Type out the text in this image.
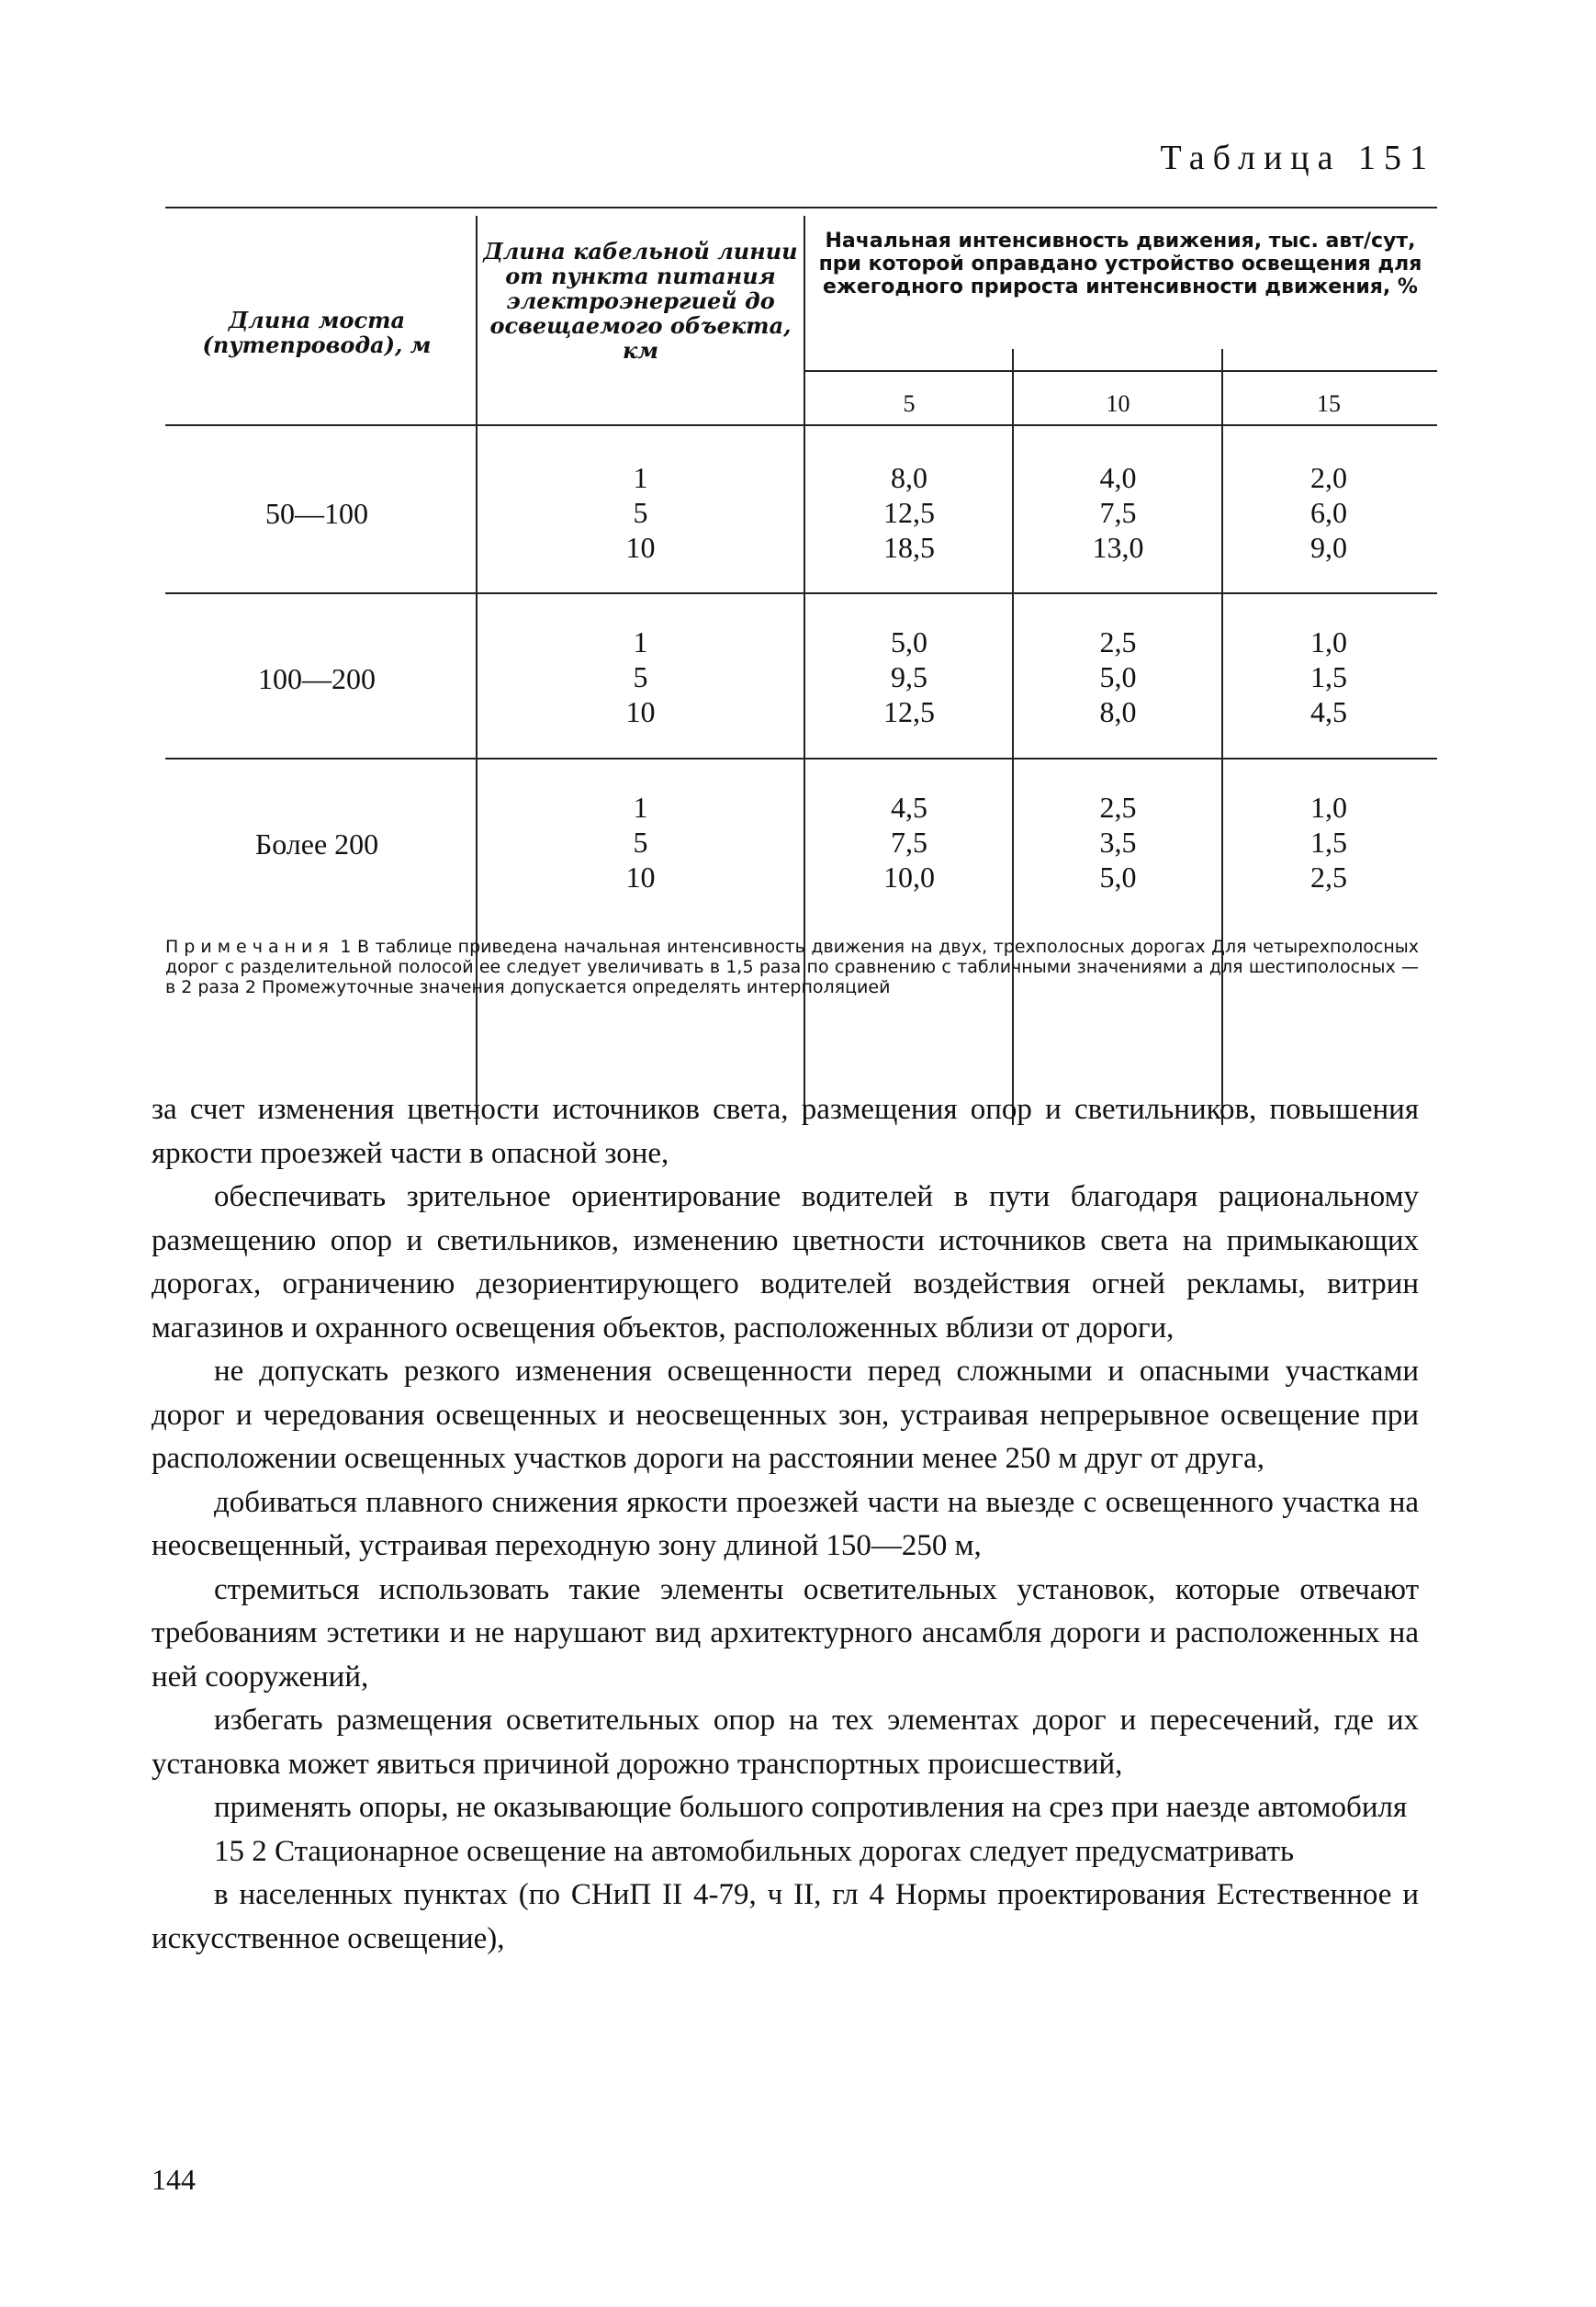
Таблица 151
Длина моста (путепровода), м
Длина кабельной линии от пункта питания электроэнергией до освещаемого объекта, км
Начальная интенсивность движения, тыс. авт/сут, при которой оправдано устройство освещения для ежегодного прироста интенсивности движения, %
5	10	15
50—100
1
5
10
8,0
12,5
18,5
4,0
7,5
13,0
2,0
6,0
9,0
100—200
1
5
10
5,0
9,5
12,5
2,5
5,0
8,0
1,0
1,5
4,5
Более 200
1
5
10
4,5
7,5
10,0
2,5
3,5
5,0
1,0
1,5
2,5
Примечания 1 В таблице приведена начальная интенсивность движения на двух, трехполосных дорогах Для четырехполосных дорог с разделительной полосой ее следует увеличивать в 1,5 раза по сравнению с табличными значениями а для шестиполосных — в 2 раза 2 Промежуточные значения допускается определять интерполяцией

за счет изменения цветности источников света, размещения опор и светильников, повышения яркости проезжей части в опасной зоне,

обеспечивать зрительное ориентирование водителей в пути благодаря рациональному размещению опор и светильников, изменению цветности источников света на примыкающих дорогах, ограничению дезориентирующего водителей воздействия огней рекламы, витрин магазинов и охранного освещения объектов, расположенных вблизи от дороги,

не допускать резкого изменения освещенности перед сложными и опасными участками дорог и чередования освещенных и неосвещенных зон, устраивая непрерывное освещение при расположении освещенных участков дороги на расстоянии менее 250 м друг от друга,

добиваться плавного снижения яркости проезжей части на выезде с освещенного участка на неосвещенный, устраивая переходную зону длиной 150—250 м,

стремиться использовать такие элементы осветительных установок, которые отвечают требованиям эстетики и не нарушают вид архитектурного ансамбля дороги и расположенных на ней сооружений,

избегать размещения осветительных опор на тех элементах дорог и пересечений, где их установка может явиться причиной дорожно транспортных происшествий,

применять опоры, не оказывающие большого сопротивления на срез при наезде автомобиля

15 2 Стационарное освещение на автомобильных дорогах следует предусматривать

в населенных пунктах (по СНиП II 4-79, ч II, гл 4 Нормы проектирования Естественное и искусственное освещение),

144
